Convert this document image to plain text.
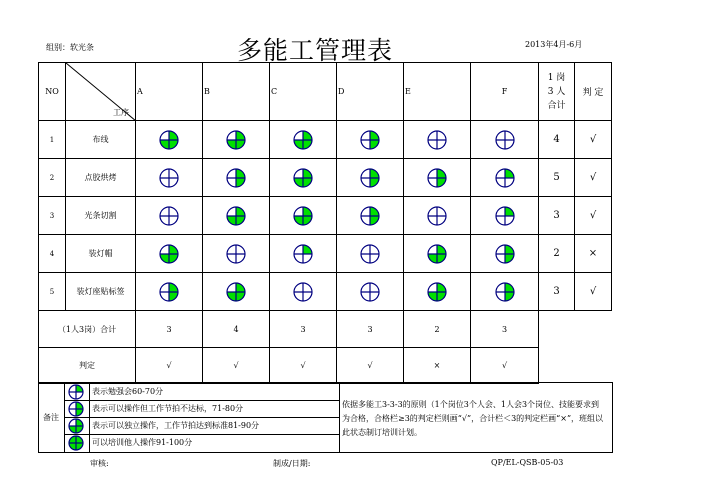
组别：软光条	多能工管理表	2013年4月-6月
NO	工序	A	B	C	D	E	F	1 岗
3 人
合计	判 定
1	布线							4	√
2	点胶烘烤							5	√
3	光条切割							3	√
4	装灯帽							2	×
5	装灯座贴标签							3	√
（1人3岗）合计		3	4	3	3	2	3		
判定		√	√	√	√	×	√		
备注
表示勉强会60-70分
表示可以操作但工作节拍不达标，71-80分
表示可以独立操作，工作节拍达到标准81-90分
可以培训他人操作91-100分
依据多能工3-3-3的原则（1个岗位3个人会、1人会3个岗位、技能要求到　 为合格，合格栏≥3的判定栏则画“√”，合计栏＜3的判定栏画“×”，班组以此状态制订培训计划。
审核:	制成/日期:	QP/EL-QSB-05-03
